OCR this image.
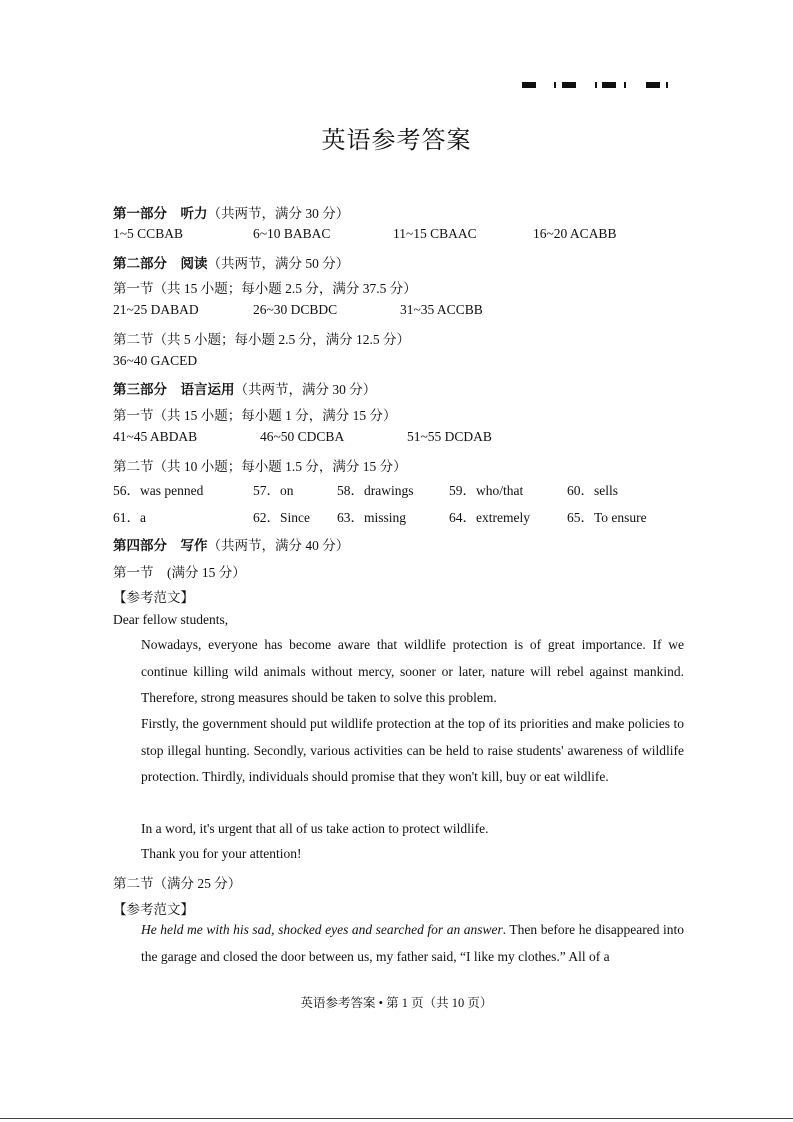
英语参考答案
第一部分　听力（共两节，满分 30 分）
1~5 CCBAB	6~10 BABAC	11~15 CBAAC	16~20 ACABB
第二部分　阅读（共两节，满分 50 分）
第一节（共 15 小题；每小题 2.5 分，满分 37.5 分）
21~25 DABAD	26~30 DCBDC	31~35 ACCBB
第二节（共 5 小题；每小题 2.5 分，满分 12.5 分）
36~40 GACED
第三部分　语言运用（共两节，满分 30 分）
第一节（共 15 小题；每小题 1 分，满分 15 分）
41~45 ABDAB	46~50 CDCBA	51~55 DCDAB
第二节（共 10 小题；每小题 1.5 分，满分 15 分）
56．was penned	57．on	58．drawings	59．who/that	60．sells
61．a	62．Since 63．missing	64．extremely	65．To ensure
第四部分　写作（共两节，满分 40 分）
第一节　(满分 15 分）
【参考范文】
Dear fellow students,
Nowadays, everyone has become aware that wildlife protection is of great importance. If we continue killing wild animals without mercy, sooner or later, nature will rebel against mankind. Therefore, strong measures should be taken to solve this problem.
Firstly, the government should put wildlife protection at the top of its priorities and make policies to stop illegal hunting. Secondly, various activities can be held to raise students' awareness of wildlife protection. Thirdly, individuals should promise that they won't kill, buy or eat wildlife.
In a word, it's urgent that all of us take action to protect wildlife.
Thank you for your attention!
第二节（满分 25 分）
【参考范文】
He held me with his sad, shocked eyes and searched for an answer. Then before he disappeared into the garage and closed the door between us, my father said, “I like my clothes.” All of a
英语参考答案 • 第 1 页（共 10 页）
